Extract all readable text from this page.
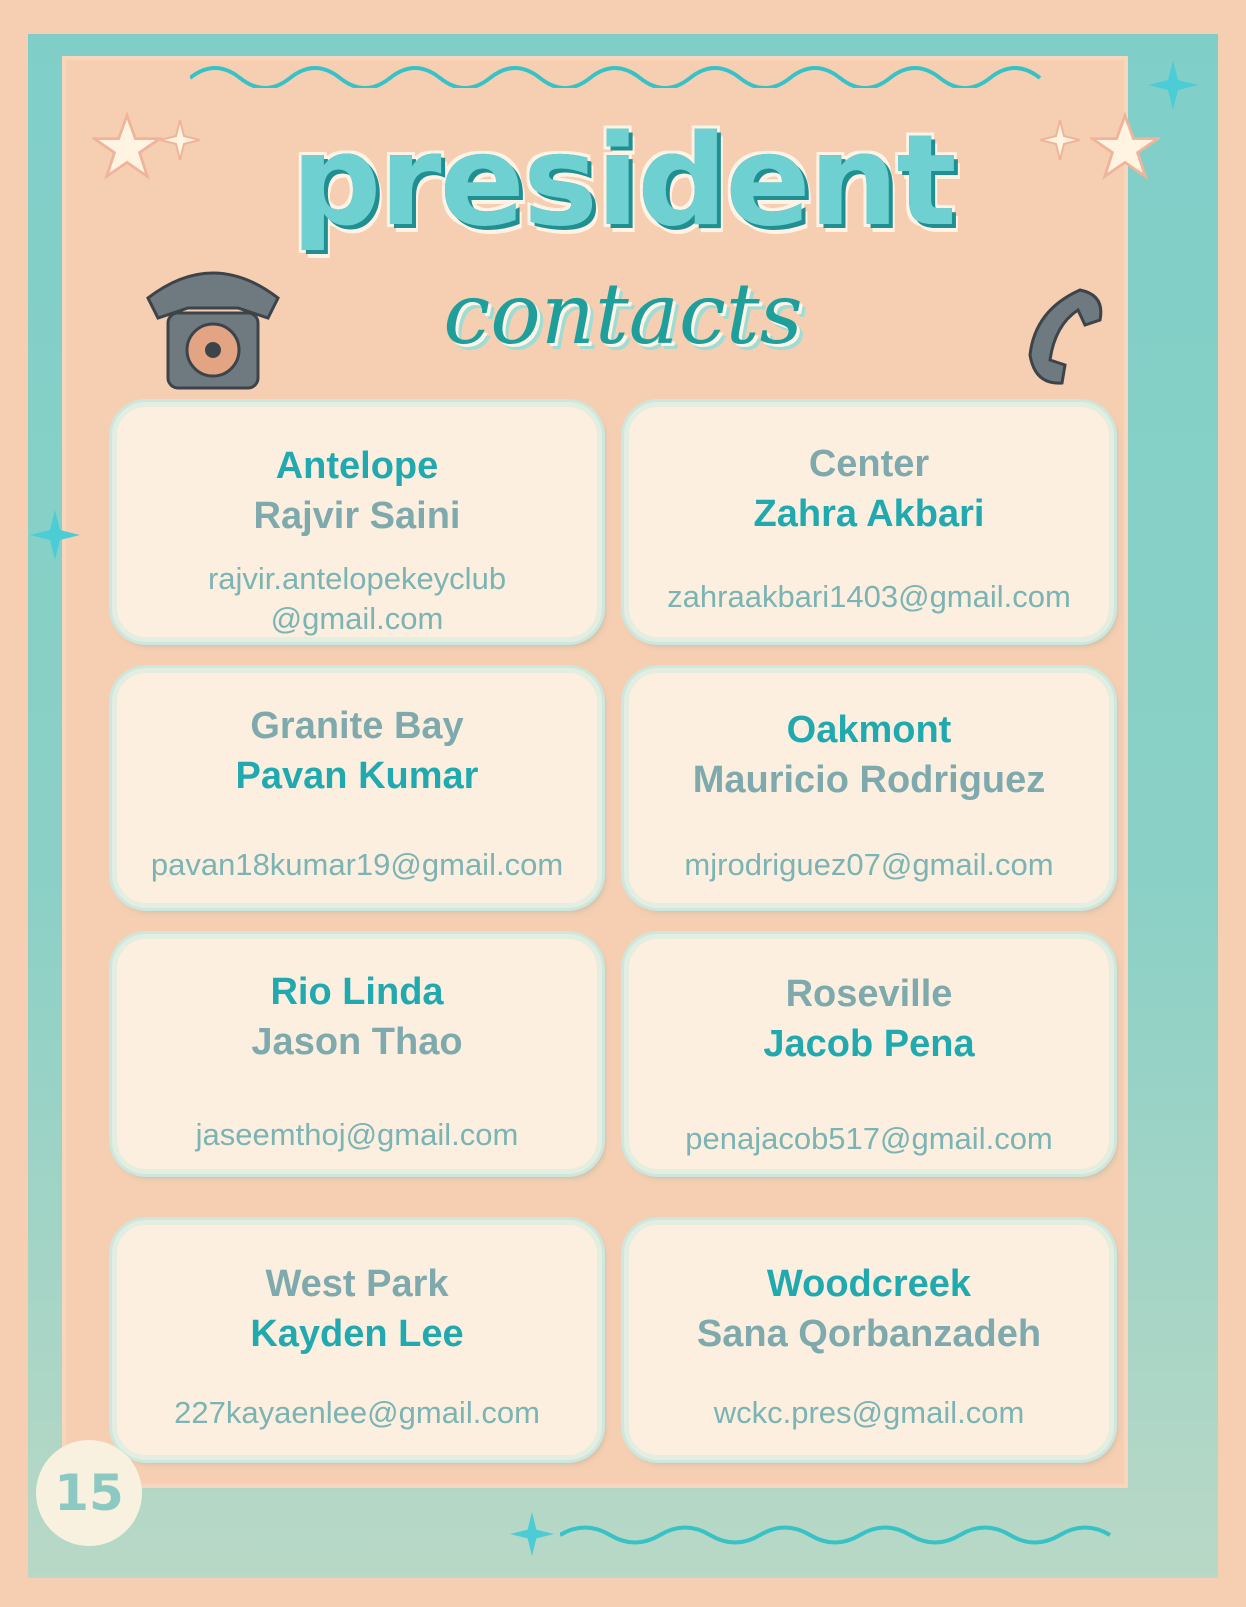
president
contacts
Antelope
Rajvir Saini
rajvir.antelopekeyclub
@gmail.com
Center
Zahra Akbari
zahraakbari1403@gmail.com
Granite Bay
Pavan Kumar
pavan18kumar19@gmail.com
Oakmont
Mauricio Rodriguez
mjrodriguez07@gmail.com
Rio Linda
Jason Thao
jaseemthoj@gmail.com
Roseville
Jacob Pena
penajacob517@gmail.com
West Park
Kayden Lee
227kayaenlee@gmail.com
Woodcreek
Sana Qorbanzadeh
wckc.pres@gmail.com
15
